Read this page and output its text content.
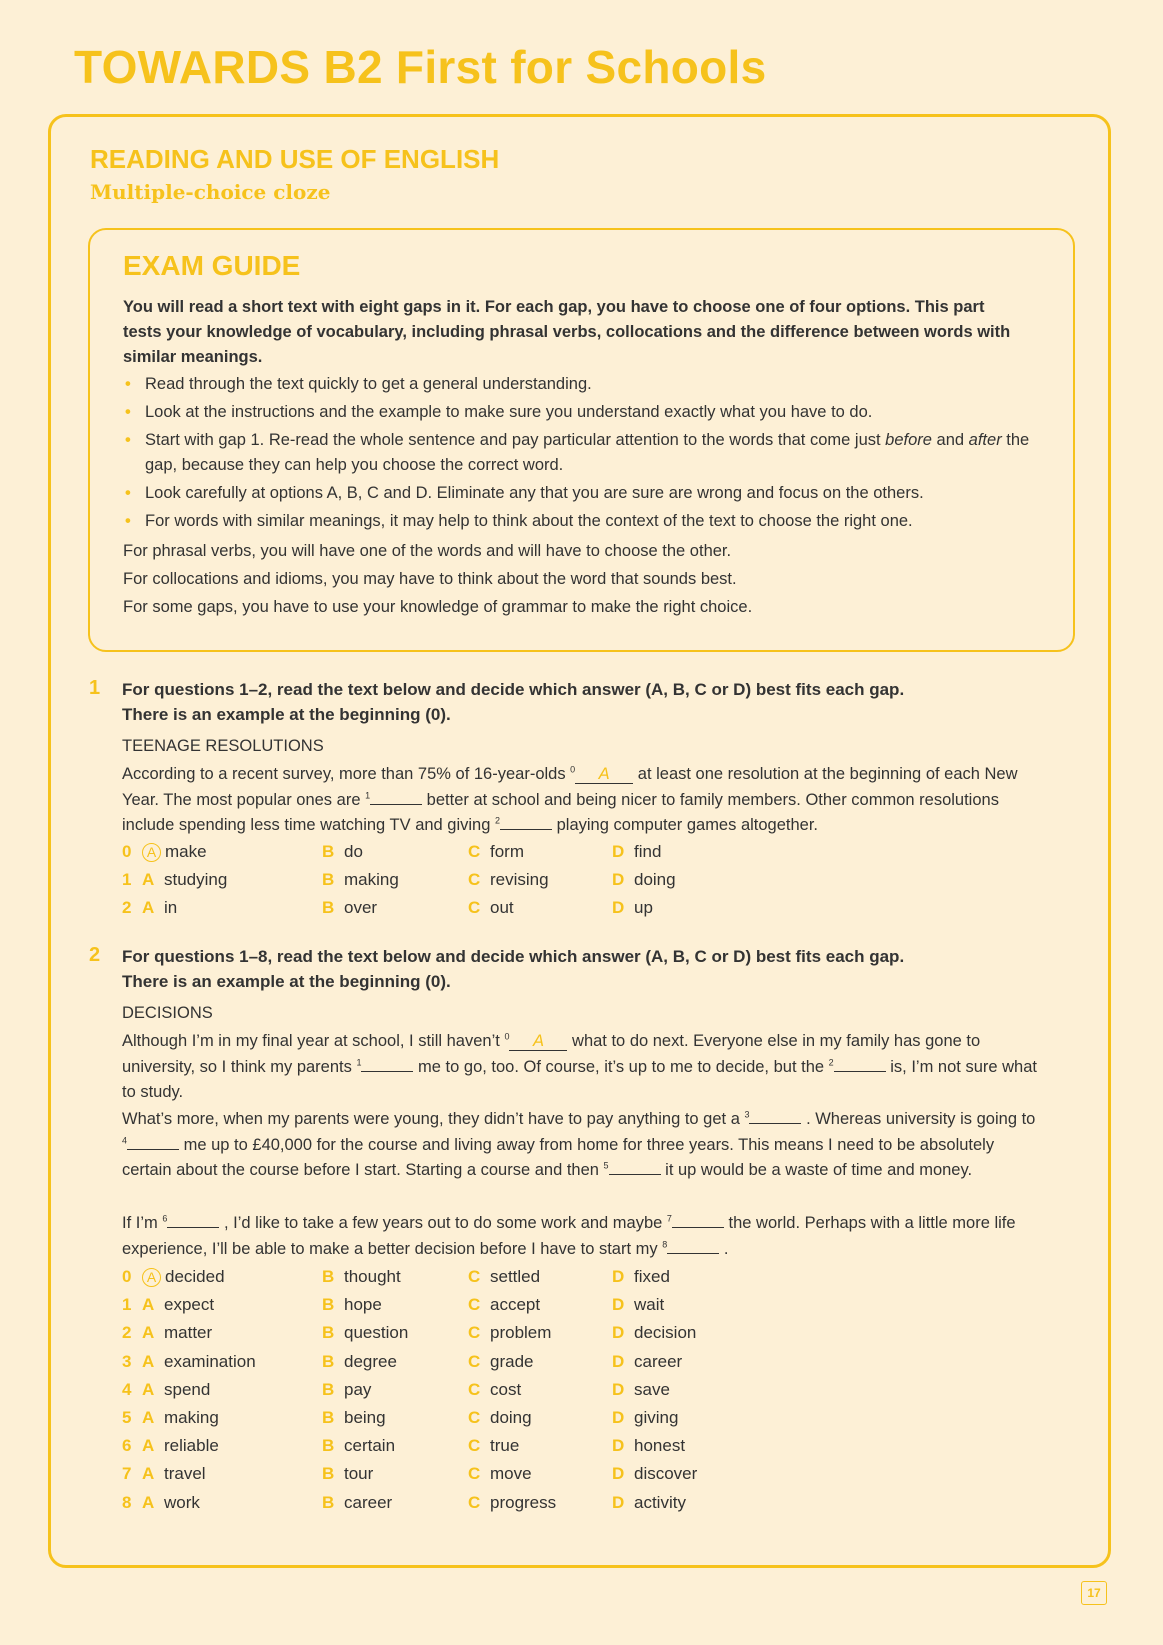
TOWARDS B2 First for Schools
READING AND USE OF ENGLISH
Multiple-choice cloze
EXAM GUIDE

You will read a short text with eight gaps in it. For each gap, you have to choose one of four options. This part tests your knowledge of vocabulary, including phrasal verbs, collocations and the difference between words with similar meanings.

• Read through the text quickly to get a general understanding.
• Look at the instructions and the example to make sure you understand exactly what you have to do.
• Start with gap 1. Re-read the whole sentence and pay particular attention to the words that come just before and after the gap, because they can help you choose the correct word.
• Look carefully at options A, B, C and D. Eliminate any that you are sure are wrong and focus on the others.
• For words with similar meanings, it may help to think about the context of the text to choose the right one.
For phrasal verbs, you will have one of the words and will have to choose the other.
For collocations and idioms, you may have to think about the word that sounds best.
For some gaps, you have to use your knowledge of grammar to make the right choice.
1 For questions 1–2, read the text below and decide which answer (A, B, C or D) best fits each gap.
There is an example at the beginning (0).

TEENAGE RESOLUTIONS

According to a recent survey, more than 75% of 16-year-olds $^0$ A at least one resolution at the beginning of each New Year. The most popular ones are $^1$	better at school and being nicer to family members. Other common resolutions include spending less time watching TV and giving $^2$	playing computer games altogether.

0 A make	B do	C form	D find
1 A studying	B making	C revising	D doing
2 A in	B over	C out	D up
2 For questions 1–8, read the text below and decide which answer (A, B, C or D) best fits each gap.
There is an example at the beginning (0).

DECISIONS

Although I’m in my final year at school, I still haven’t $^0$ A what to do next. Everyone else in my family has gone to university, so I think my parents $^1$	me to go, too. Of course, it’s up to me to decide, but the $^2$	is, I’m not sure what to study.

What’s more, when my parents were young, they didn’t have to pay anything to get a $^3$	. Whereas university is going to $^4$	me up to £40,000 for the course and living away from home for three years. This means I need to be absolutely certain about the course before I start. Starting a course and then $^5$	it up would be a waste of time and money.

If I’m $^6$	, I’d like to take a few years out to do some work and maybe $^7$	the world. Perhaps with a little more life experience, I’ll be able to make a better decision before I have to start my $^8$	.

0 A decided	B thought	C settled	D fixed
1 A expect	B hope	C accept	D wait
2 A matter	B question	C problem	D decision
3 A examination	B degree	C grade	D career
4 A spend	B pay	C cost	D save
5 A making	B being	C doing	D giving
6 A reliable	B certain	C true	D honest
7 A travel	B tour	C move	D discover
8 A work	B career	C progress	D activity
17
